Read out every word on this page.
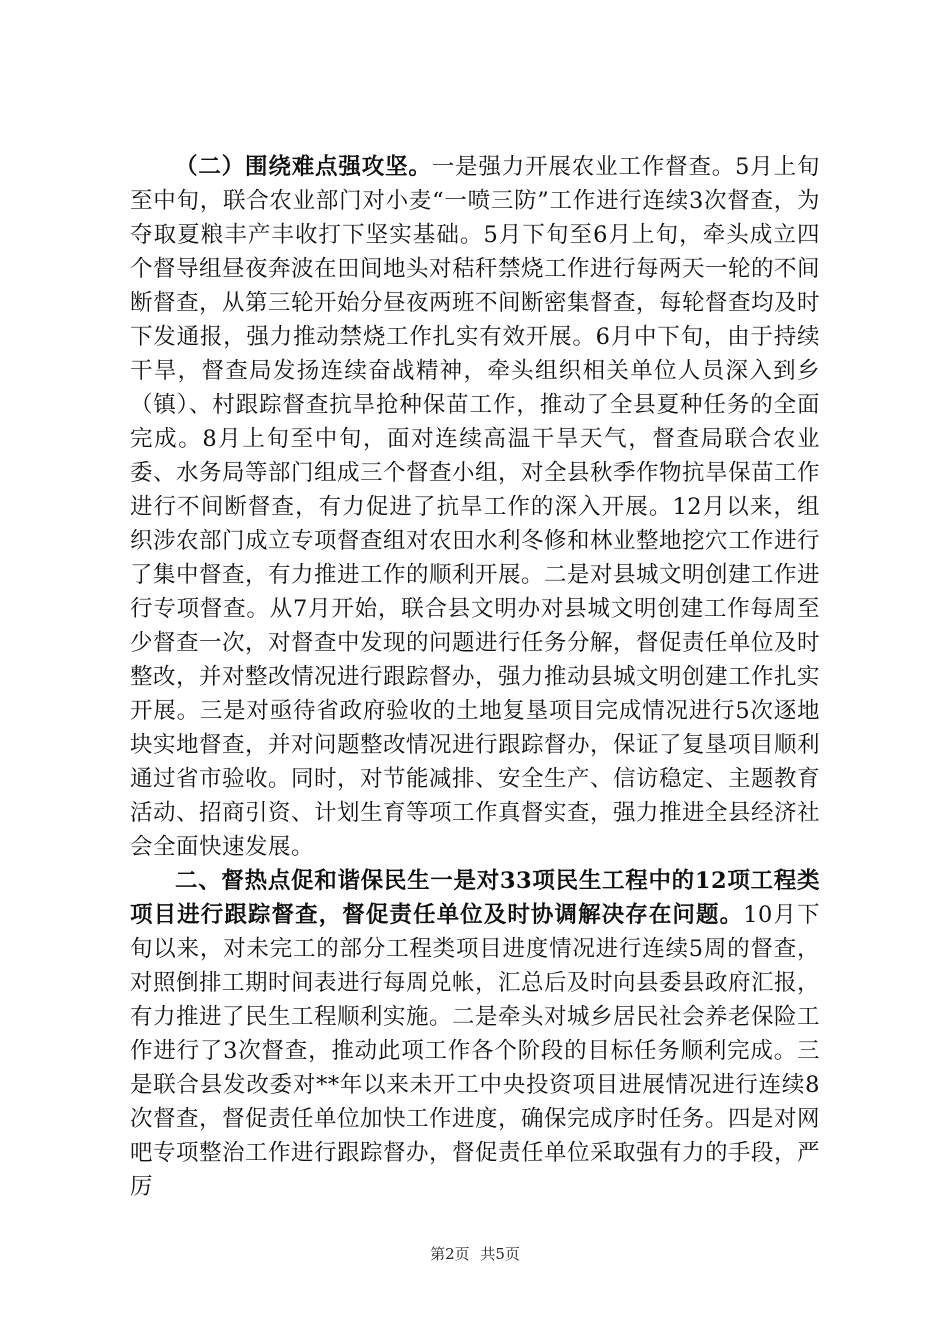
（二）围绕难点强攻坚。一是强力开展农业工作督查。5月上旬至中旬，联合农业部门对小麦“一喷三防”工作进行连续3次督查，为夺取夏粮丰产丰收打下坚实基础。5月下旬至6月上旬，牵头成立四个督导组昼夜奔波在田间地头对秸秆禁烧工作进行每两天一轮的不间断督查，从第三轮开始分昼夜两班不间断密集督查，每轮督查均及时下发通报，强力推动禁烧工作扎实有效开展。6月中下旬，由于持续干旱，督查局发扬连续奋战精神，牵头组织相关单位人员深入到乡（镇）、村跟踪督查抗旱抢种保苗工作，推动了全县夏种任务的全面完成。8月上旬至中旬，面对连续高温干旱天气，督查局联合农业委、水务局等部门组成三个督查小组，对全县秋季作物抗旱保苗工作进行不间断督查，有力促进了抗旱工作的深入开展。12月以来，组织涉农部门成立专项督查组对农田水利冬修和林业整地挖穴工作进行了集中督查，有力推进工作的顺利开展。二是对县城文明创建工作进行专项督查。从7月开始，联合县文明办对县城文明创建工作每周至少督查一次，对督查中发现的问题进行任务分解，督促责任单位及时整改，并对整改情况进行跟踪督办，强力推动县城文明创建工作扎实开展。三是对亟待省政府验收的土地复垦项目完成情况进行5次逐地块实地督查，并对问题整改情况进行跟踪督办，保证了复垦项目顺利通过省市验收。同时，对节能减排、安全生产、信访稳定、主题教育活动、招商引资、计划生育等项工作真督实查，强力推进全县经济社会全面快速发展。

二、督热点促和谐保民生一是对33项民生工程中的12项工程类项目进行跟踪督查，督促责任单位及时协调解决存在问题。10月下旬以来，对未完工的部分工程类项目进度情况进行连续5周的督查，对照倒排工期时间表进行每周兑帐，汇总后及时向县委县政府汇报，有力推进了民生工程顺利实施。二是牵头对城乡居民社会养老保险工作进行了3次督查，推动此项工作各个阶段的目标任务顺利完成。三是联合县发改委对**年以来未开工中央投资项目进展情况进行连续8次督查，督促责任单位加快工作进度，确保完成序时任务。四是对网吧专项整治工作进行跟踪督办，督促责任单位采取强有力的手段，严厉

第2页 共5页
